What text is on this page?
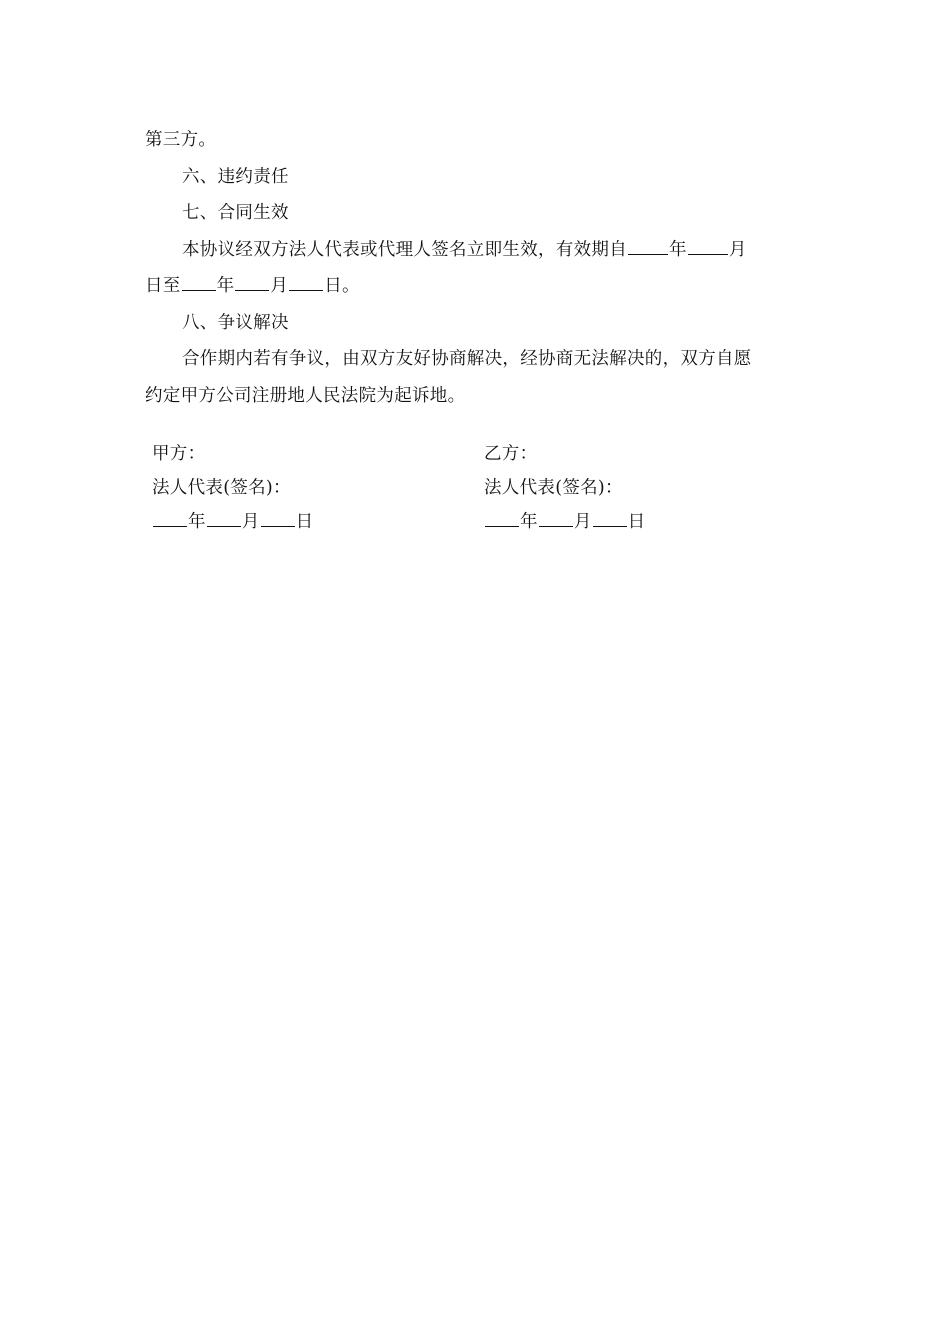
第三方。
六、违约责任
七、合同生效
本协议经双方法人代表或代理人签名立即生效，有效期自 年 月
日至 年 月 日。
八、争议解决
合作期内若有争议，由双方友好协商解决，经协商无法解决的，双方自愿
约定甲方公司注册地人民法院为起诉地。
甲方：
法人代表(签名)：
年 月 日
乙方：
法人代表(签名)：
年 月 日
